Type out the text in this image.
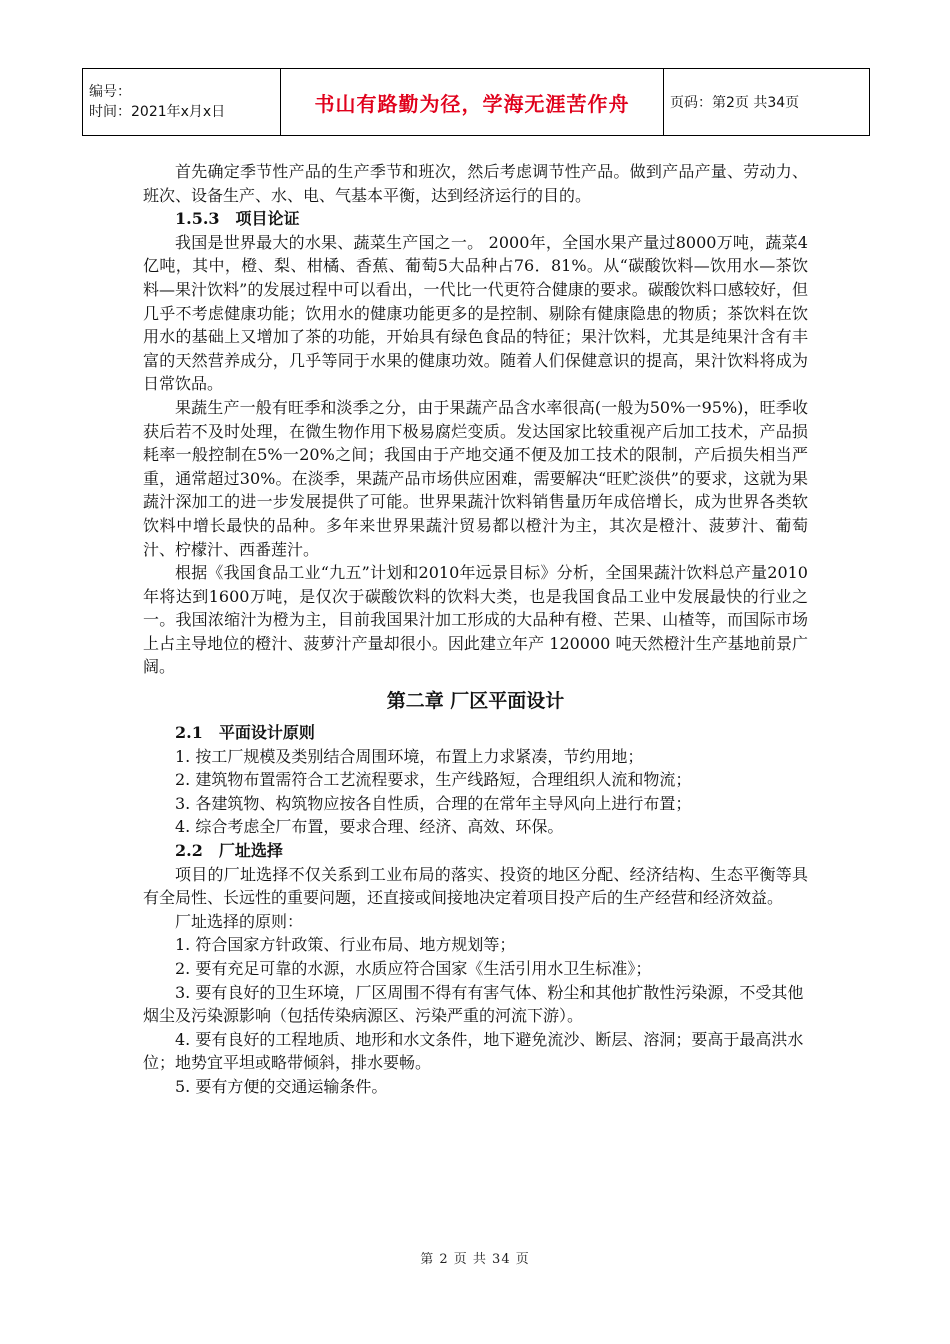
编号：
时间：2021年x月x日	书山有路勤为径，学海无涯苦作舟	页码：第2页 共34页

首先确定季节性产品的生产季节和班次，然后考虑调节性产品。做到产品产量、劳动力、班次、设备生产、水、电、气基本平衡，达到经济运行的目的。

1.5.3　项目论证

我国是世界最大的水果、蔬菜生产国之一。 2000年，全国水果产量过8000万吨，蔬菜4亿吨，其中，橙、梨、柑橘、香蕉、葡萄5大品种占76．81%。从“碳酸饮料—饮用水—茶饮料—果汁饮料”的发展过程中可以看出，一代比一代更符合健康的要求。碳酸饮料口感较好，但几乎不考虑健康功能；饮用水的健康功能更多的是控制、剔除有健康隐患的物质；茶饮料在饮用水的基础上又增加了茶的功能，开始具有绿色食品的特征；果汁饮料，尤其是纯果汁含有丰富的天然营养成分，几乎等同于水果的健康功效。随着人们保健意识的提高，果汁饮料将成为日常饮品。

果蔬生产一般有旺季和淡季之分，由于果蔬产品含水率很高(一般为50%一95%)，旺季收获后若不及时处理，在微生物作用下极易腐烂变质。发达国家比较重视产后加工技术，产品损耗率一般控制在5%一20%之间；我国由于产地交通不便及加工技术的限制，产后损失相当严重，通常超过30%。在淡季，果蔬产品市场供应困难，需要解决“旺贮淡供”的要求，这就为果蔬汁深加工的进一步发展提供了可能。世界果蔬汁饮料销售量历年成倍增长，成为世界各类软饮料中增长最快的品种。多年来世界果蔬汁贸易都以橙汁为主，其次是橙汁、菠萝汁、葡萄汁、柠檬汁、西番莲汁。

根据《我国食品工业“九五”计划和2010年远景目标》分析，全国果蔬汁饮料总产量2010年将达到1600万吨，是仅次于碳酸饮料的饮料大类，也是我国食品工业中发展最快的行业之一。我国浓缩汁为橙为主，目前我国果汁加工形成的大品种有橙、芒果、山楂等，而国际市场上占主导地位的橙汁、菠萝汁产量却很小。因此建立年产 120000 吨天然橙汁生产基地前景广阔。

第二章 厂区平面设计

2.1　平面设计原则

1. 按工厂规模及类别结合周围环境，布置上力求紧凑，节约用地；

2. 建筑物布置需符合工艺流程要求，生产线路短，合理组织人流和物流；

3. 各建筑物、构筑物应按各自性质，合理的在常年主导风向上进行布置；

4. 综合考虑全厂布置，要求合理、经济、高效、环保。

2.2　厂址选择

项目的厂址选择不仅关系到工业布局的落实、投资的地区分配、经济结构、生态平衡等具有全局性、长远性的重要问题，还直接或间接地决定着项目投产后的生产经营和经济效益。

厂址选择的原则：

1. 符合国家方针政策、行业布局、地方规划等；

2. 要有充足可靠的水源，水质应符合国家《生活引用水卫生标准》；

3. 要有良好的卫生环境，厂区周围不得有有害气体、粉尘和其他扩散性污染源，不受其他烟尘及污染源影响（包括传染病源区、污染严重的河流下游）。

4. 要有良好的工程地质、地形和水文条件，地下避免流沙、断层、溶洞；要高于最高洪水位；地势宜平坦或略带倾斜，排水要畅。

5. 要有方便的交通运输条件。

第 2 页 共 34 页
